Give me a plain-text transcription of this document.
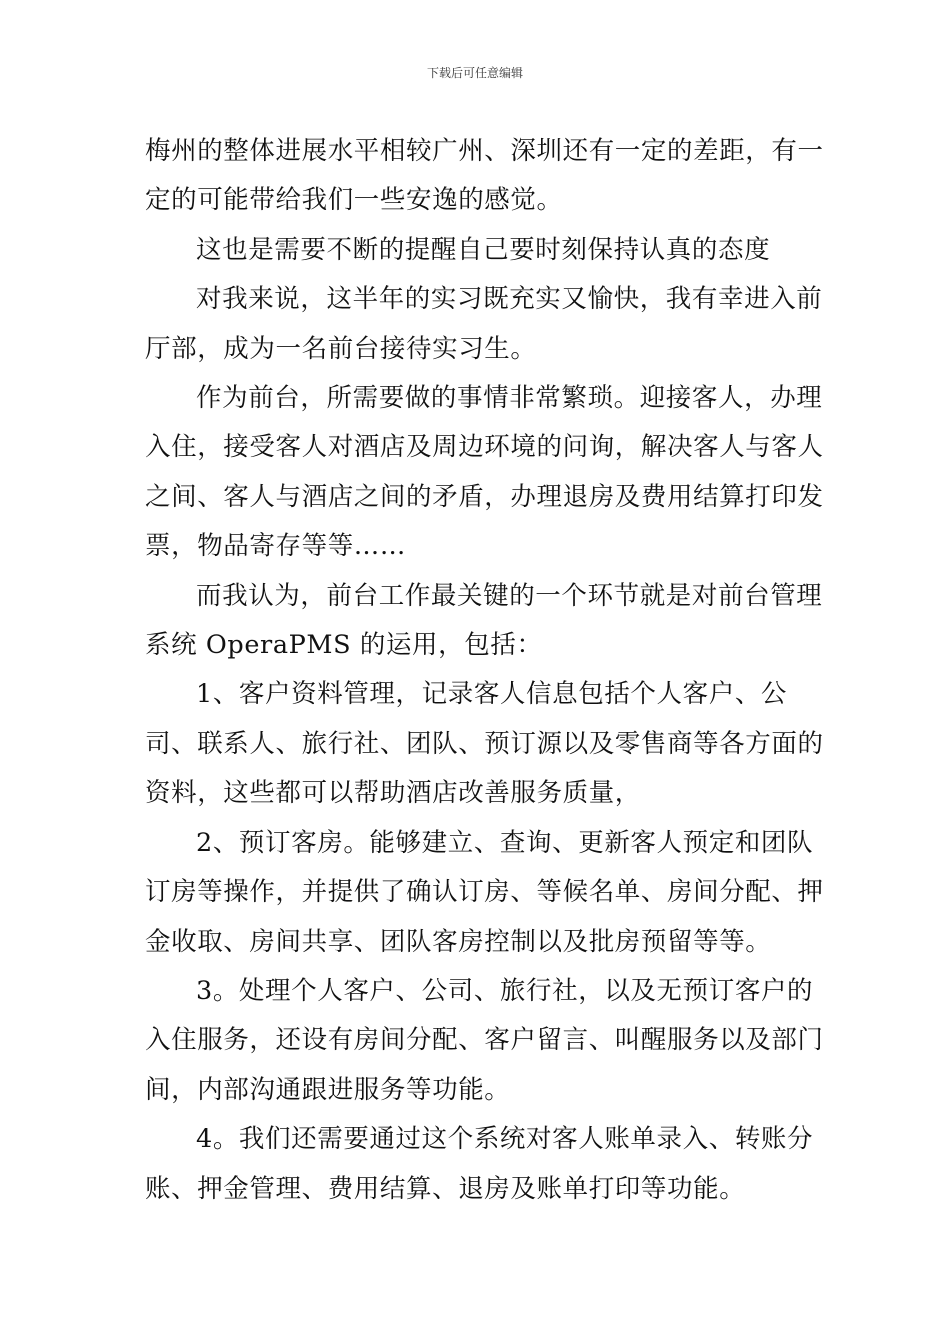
下载后可任意编辑

梅州的整体进展水平相较广州、深圳还有一定的差距，有一定的可能带给我们一些安逸的感觉。

这也是需要不断的提醒自己要时刻保持认真的态度

对我来说，这半年的实习既充实又愉快，我有幸进入前厅部，成为一名前台接待实习生。

作为前台，所需要做的事情非常繁琐。迎接客人，办理入住，接受客人对酒店及周边环境的问询，解决客人与客人之间、客人与酒店之间的矛盾，办理退房及费用结算打印发票，物品寄存等等……

而我认为，前台工作最关键的一个环节就是对前台管理系统 OperaPMS 的运用，包括：

1、客户资料管理，记录客人信息包括个人客户、公司、联系人、旅行社、团队、预订源以及零售商等各方面的资料，这些都可以帮助酒店改善服务质量，

2、预订客房。能够建立、查询、更新客人预定和团队订房等操作，并提供了确认订房、等候名单、房间分配、押金收取、房间共享、团队客房控制以及批房预留等等。

3。处理个人客户、公司、旅行社，以及无预订客户的入住服务，还设有房间分配、客户留言、叫醒服务以及部门间，内部沟通跟进服务等功能。

4。我们还需要通过这个系统对客人账单录入、转账分账、押金管理、费用结算、退房及账单打印等功能。
